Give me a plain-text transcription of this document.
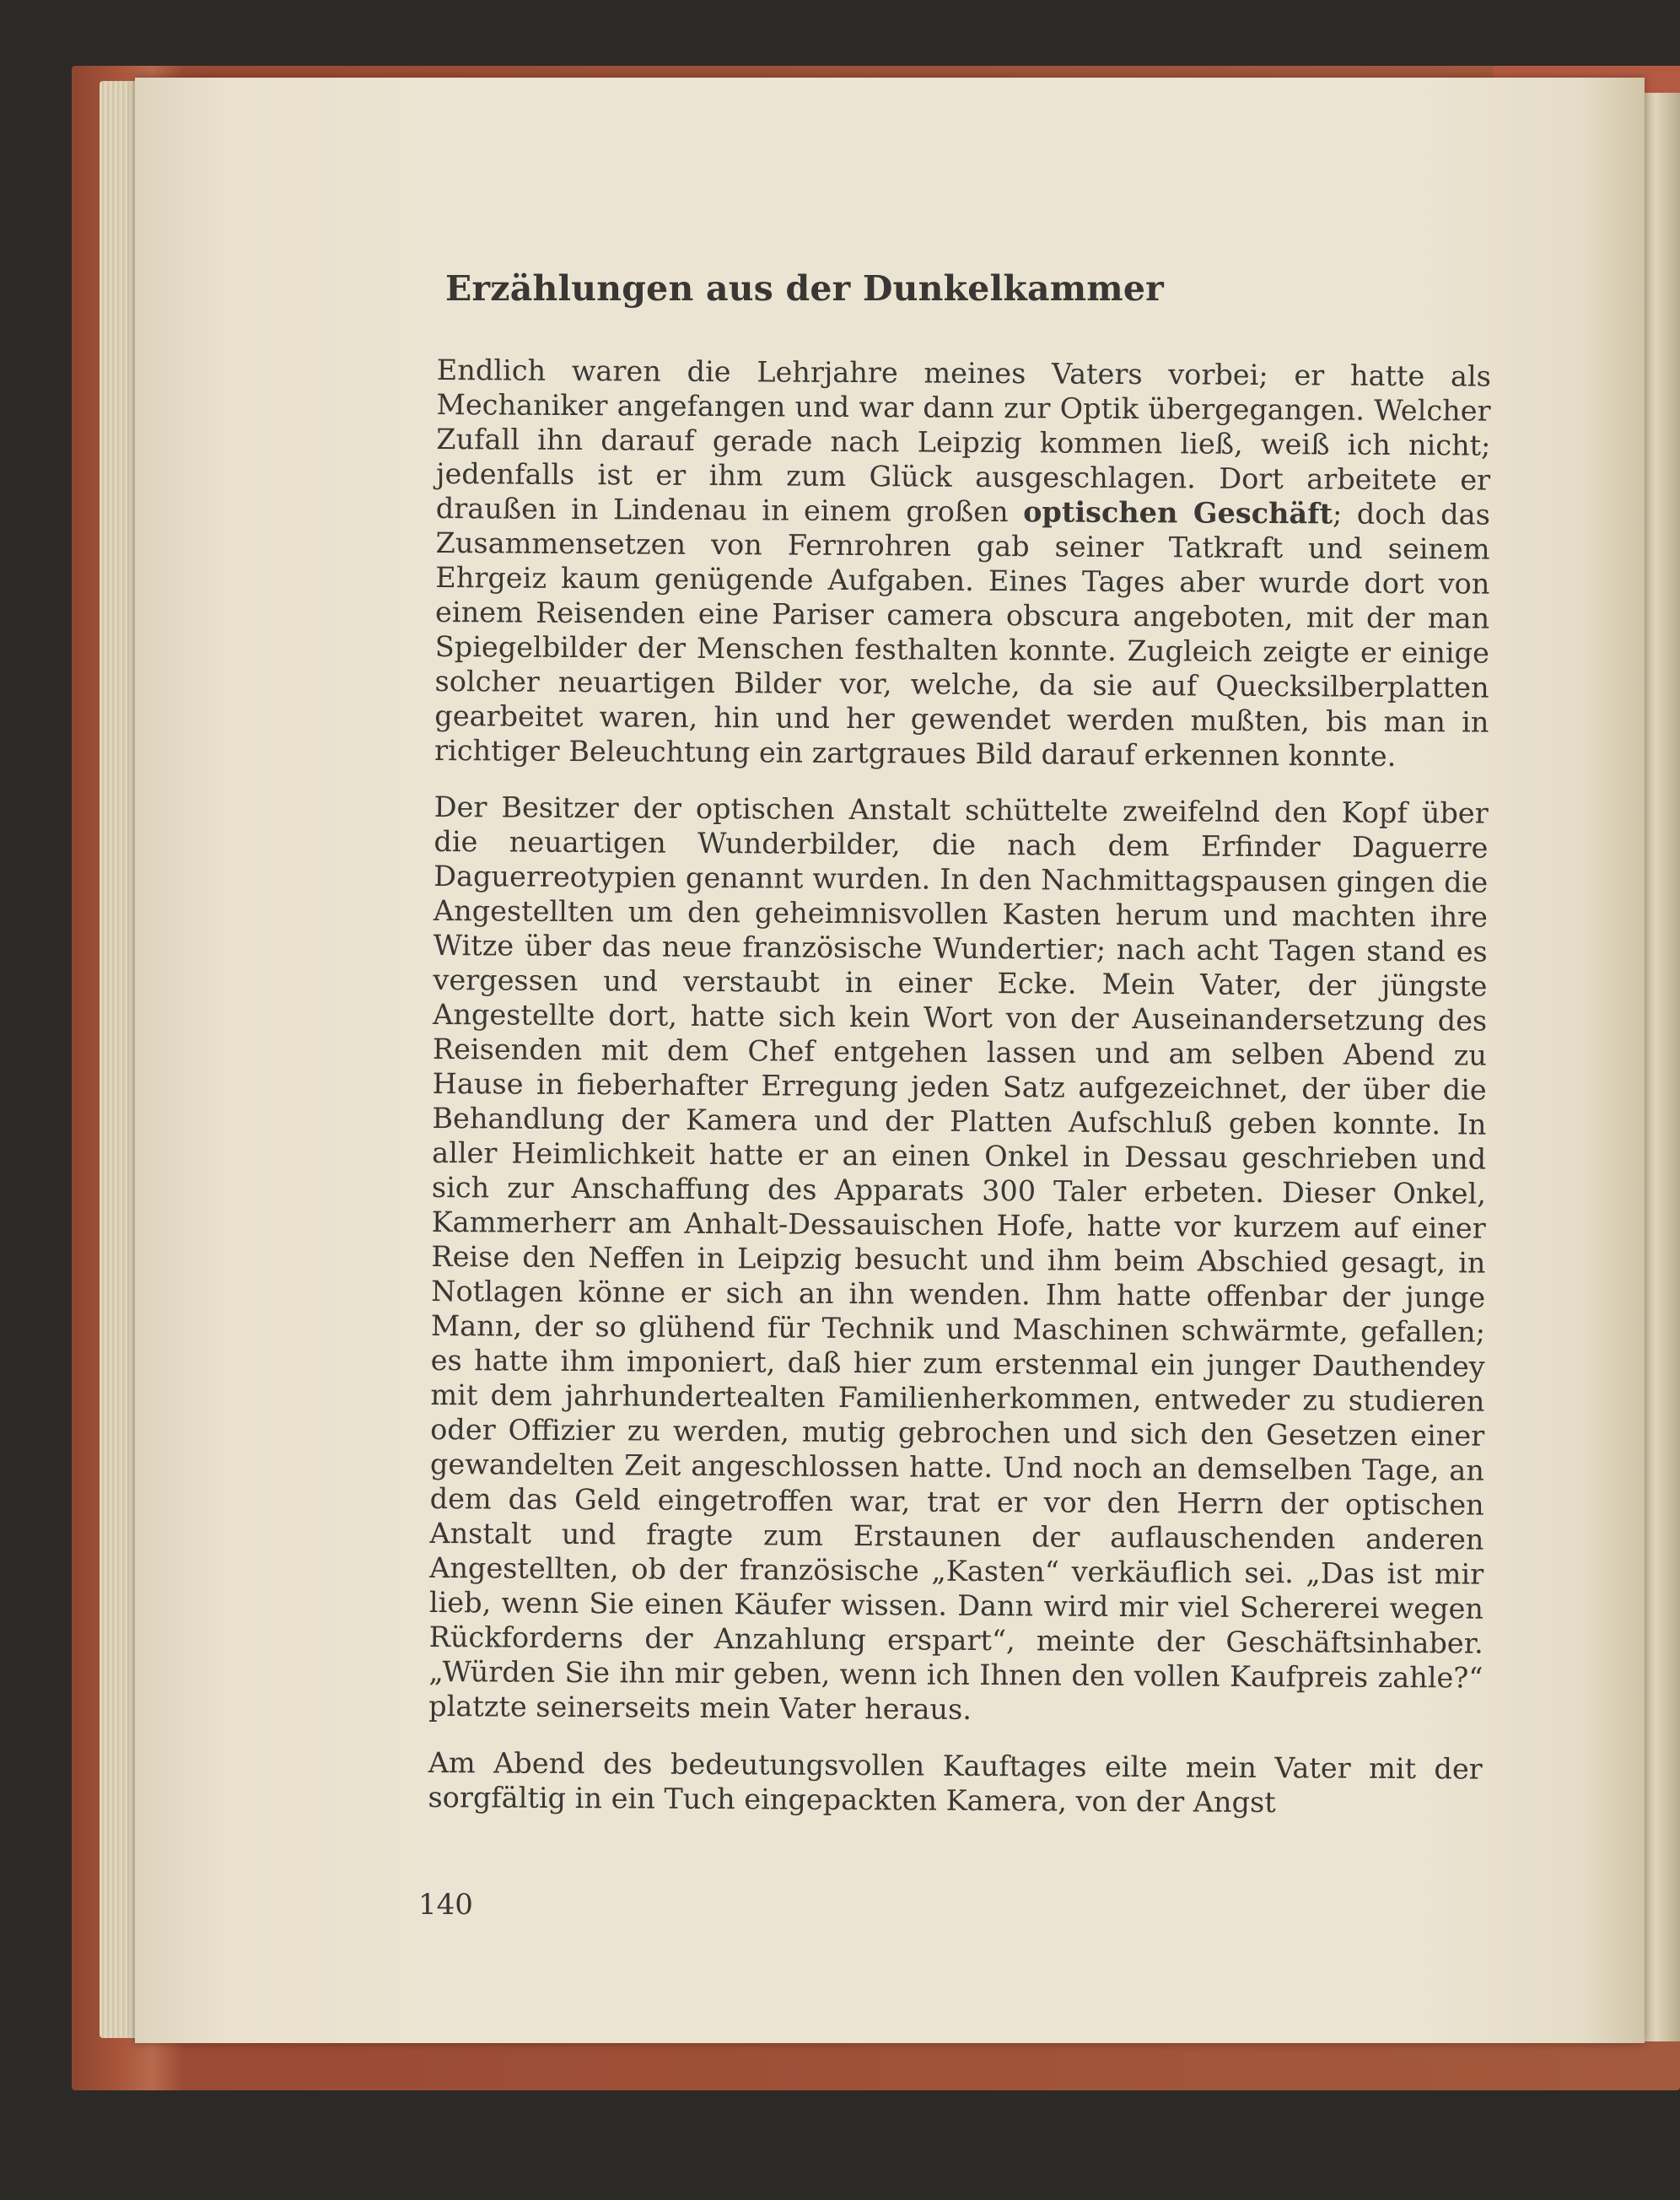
Erzählungen aus der Dunkelkammer

Endlich waren die Lehrjahre meines Vaters vorbei; er hatte als Mechaniker angefangen und war dann zur Optik übergegangen. Welcher Zufall ihn darauf gerade nach Leipzig kommen ließ, weiß ich nicht; jedenfalls ist er ihm zum Glück ausgeschlagen. Dort arbeitete er draußen in Lindenau in einem großen optischen Geschäft; doch das Zusammensetzen von Fernrohren gab seiner Tatkraft und seinem Ehrgeiz kaum genügende Aufgaben. Eines Tages aber wurde dort von einem Reisenden eine Pariser camera obscura angeboten, mit der man Spiegelbilder der Menschen festhalten konnte. Zugleich zeigte er einige solcher neuartigen Bilder vor, welche, da sie auf Quecksilberplatten gearbeitet waren, hin und her gewendet werden mußten, bis man in richtiger Beleuchtung ein zartgraues Bild darauf erkennen konnte.

Der Besitzer der optischen Anstalt schüttelte zweifelnd den Kopf über die neuartigen Wunderbilder, die nach dem Erfinder Daguerre Daguerreotypien genannt wurden. In den Nachmittagspausen gingen die Angestellten um den geheimnisvollen Kasten herum und machten ihre Witze über das neue französische Wundertier; nach acht Tagen stand es vergessen und verstaubt in einer Ecke. Mein Vater, der jüngste Angestellte dort, hatte sich kein Wort von der Auseinandersetzung des Reisenden mit dem Chef entgehen lassen und am selben Abend zu Hause in fieberhafter Erregung jeden Satz aufgezeichnet, der über die Behandlung der Kamera und der Platten Aufschluß geben konnte. In aller Heimlichkeit hatte er an einen Onkel in Dessau geschrieben und sich zur Anschaffung des Apparats 300 Taler erbeten. Dieser Onkel, Kammerherr am Anhalt-Dessauischen Hofe, hatte vor kurzem auf einer Reise den Neffen in Leipzig besucht und ihm beim Abschied gesagt, in Notlagen könne er sich an ihn wenden. Ihm hatte offenbar der junge Mann, der so glühend für Technik und Maschinen schwärmte, gefallen; es hatte ihm imponiert, daß hier zum erstenmal ein junger Dauthendey mit dem jahrhundertealten Familienherkommen, entweder zu studieren oder Offizier zu werden, mutig gebrochen und sich den Gesetzen einer gewandelten Zeit angeschlossen hatte. Und noch an demselben Tage, an dem das Geld eingetroffen war, trat er vor den Herrn der optischen Anstalt und fragte zum Erstaunen der auflauschenden anderen Angestellten, ob der französische „Kasten“ verkäuflich sei. „Das ist mir lieb, wenn Sie einen Käufer wissen. Dann wird mir viel Schererei wegen Rückforderns der Anzahlung erspart“, meinte der Geschäftsinhaber. „Würden Sie ihn mir geben, wenn ich Ihnen den vollen Kaufpreis zahle?“ platzte seinerseits mein Vater heraus.

Am Abend des bedeutungsvollen Kauftages eilte mein Vater mit der sorgfältig in ein Tuch eingepackten Kamera, von der Angst

140
